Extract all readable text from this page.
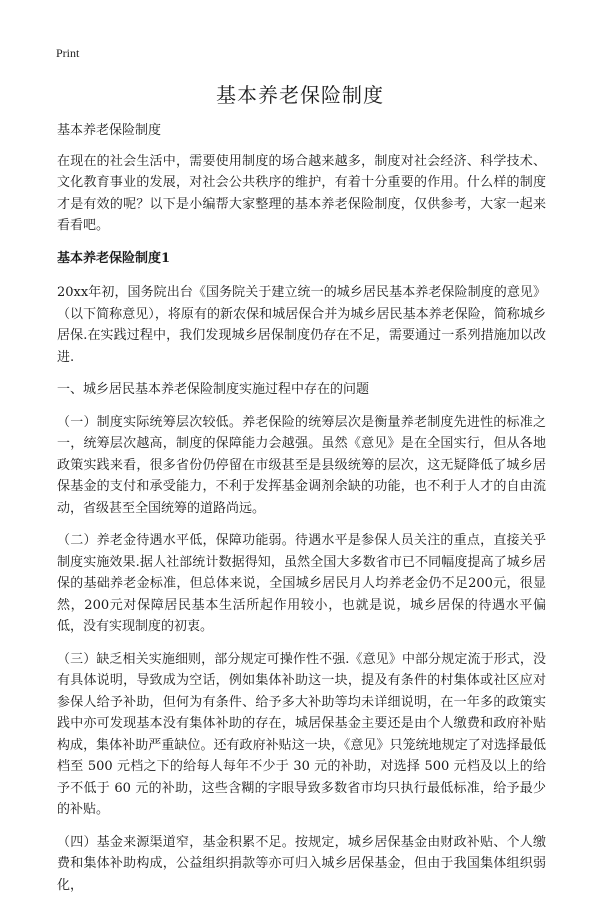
Print
基本养老保险制度

基本养老保险制度

在现在的社会生活中，需要使用制度的场合越来越多，制度对社会经济、科学技术、文化教育事业的发展，对社会公共秩序的维护，有着十分重要的作用。什么样的制度才是有效的呢？以下是小编帮大家整理的基本养老保险制度，仅供参考，大家一起来看看吧。

基本养老保险制度1

20xx年初，国务院出台《国务院关于建立统一的城乡居民基本养老保险制度的意见》（以下简称意见），将原有的新农保和城居保合并为城乡居民基本养老保险，简称城乡居保.在实践过程中，我们发现城乡居保制度仍存在不足，需要通过一系列措施加以改进.

一、城乡居民基本养老保险制度实施过程中存在的问题

（一）制度实际统筹层次较低。养老保险的统筹层次是衡量养老制度先进性的标准之一，统筹层次越高，制度的保障能力会越强。虽然《意见》是在全国实行，但从各地政策实践来看，很多省份仍停留在市级甚至是县级统筹的层次，这无疑降低了城乡居保基金的支付和承受能力，不利于发挥基金调剂余缺的功能，也不利于人才的自由流动，省级甚至全国统筹的道路尚远。

（二）养老金待遇水平低，保障功能弱。待遇水平是参保人员关注的重点，直接关乎制度实施效果.据人社部统计数据得知，虽然全国大多数省市已不同幅度提高了城乡居保的基础养老金标准，但总体来说，全国城乡居民月人均养老金仍不足200元，很显然，200元对保障居民基本生活所起作用较小，也就是说，城乡居保的待遇水平偏低，没有实现制度的初衷。

（三）缺乏相关实施细则，部分规定可操作性不强.《意见》中部分规定流于形式，没有具体说明，导致成为空话，例如集体补助这一块，提及有条件的村集体或社区应对参保人给予补助，但何为有条件、给予多大补助等均未详细说明，在一年多的政策实践中亦可发现基本没有集体补助的存在，城居保基金主要还是由个人缴费和政府补贴构成，集体补助严重缺位。还有政府补贴这一块，《意见》只笼统地规定了对选择最低档至 500 元档之下的给每人每年不少于 30 元的补助，对选择 500 元档及以上的给予不低于 60 元的补助，这些含糊的字眼导致多数省市均只执行最低标准，给予最少的补贴。

（四）基金来源渠道窄，基金积累不足。按规定，城乡居保基金由财政补贴、个人缴费和集体补助构成，公益组织捐款等亦可归入城乡居保基金，但由于我国集体组织弱化，
